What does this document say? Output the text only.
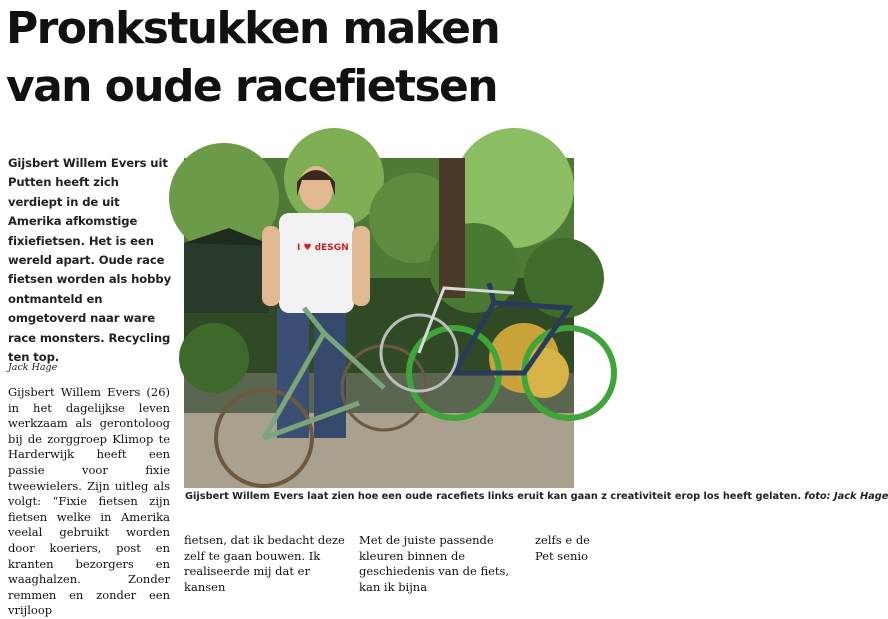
Pronkstukken maken
van oude racefietsen

Gijsbert Willem Evers uit Putten heeft zich verdiept in de uit Amerika afkomstige fixiefietsen. Het is een wereld apart. Oude race fietsen worden als hobby ontmanteld en omgetoverd naar ware race monsters. Recycling ten top.

Jack Hage

Gijsbert Willem Evers (26) in het dagelijkse leven werkzaam als gerontoloog bij de zorggroep Klimop te Harderwijk heeft een passie voor fixie tweewielers. Zijn uitleg als volgt: “Fixie fietsen zijn fietsen welke in Amerika veelal gebruikt worden door koeriers, post en kranten bezorgers en waaghalzen. Zonder remmen en zonder een vrijloop

I ♥ dESGN

Gijsbert Willem Evers laat zien hoe een oude racefiets links eruit kan gaan z creativiteit erop los heeft gelaten. foto: Jack Hage

fietsen, dat ik bedacht deze zelf te gaan bouwen. Ik realiseerde mij dat er kansen

Met de juiste passende kleuren binnen de geschiedenis van de fiets, kan ik bijna

zelfs e de Pet senio
